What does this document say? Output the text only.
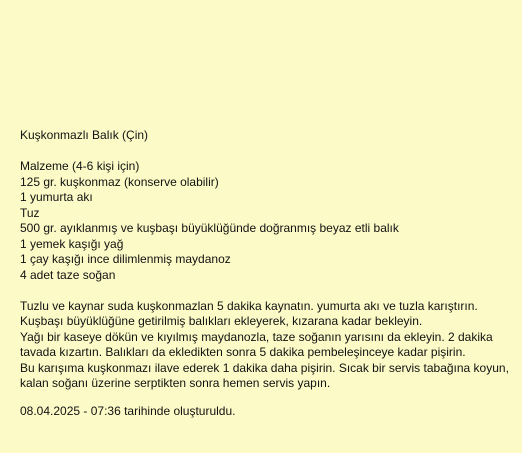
Kuşkonmazlı Balık (Çin)
Malzeme (4-6 kişi için)
125 gr. kuşkonmaz (konserve olabilir)
1 yumurta akı
Tuz
500 gr. ayıklanmış ve kuşbaşı büyüklüğünde doğranmış beyaz etli balık
1 yemek kaşığı yağ
1 çay kaşığı ince dilimlenmiş maydanoz
4 adet taze soğan
Tuzlu ve kaynar suda kuşkonmazlan 5 dakika kaynatın. yumurta akı ve tuzla karıştırın.
Kuşbaşı büyüklüğüne getirilmiş balıkları ekleyerek, kızarana kadar bekleyin.
Yağı bir kaseye dökün ve kıyılmış maydanozla, taze soğanın yarısını da ekleyin. 2 dakika tavada kızartın. Balıkları da ekledikten sonra 5 dakika pembeleşinceye kadar pişirin.
Bu karışıma kuşkonmazı ilave ederek 1 dakika daha pişirin. Sıcak bir servis tabağına koyun, kalan soğanı üzerine serptikten sonra hemen servis yapın.
08.04.2025 - 07:36 tarihinde oluşturuldu.
